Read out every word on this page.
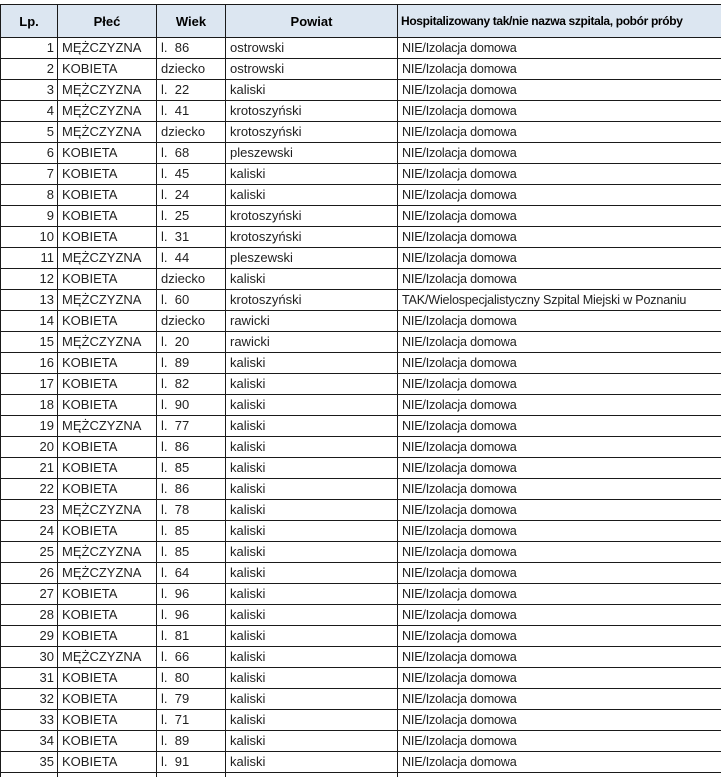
Lp.	Płeć	Wiek	Powiat	Hospitalizowany tak/nie nazwa szpitala, pobór próby
1	MĘŻCZYZNA	l.  86	ostrowski	NIE/Izolacja domowa
2	KOBIETA	dziecko	ostrowski	NIE/Izolacja domowa
3	MĘŻCZYZNA	l.  22	kaliski	NIE/Izolacja domowa
4	MĘŻCZYZNA	l.  41	krotoszyński	NIE/Izolacja domowa
5	MĘŻCZYZNA	dziecko	krotoszyński	NIE/Izolacja domowa
6	KOBIETA	l.  68	pleszewski	NIE/Izolacja domowa
7	KOBIETA	l.  45	kaliski	NIE/Izolacja domowa
8	KOBIETA	l.  24	kaliski	NIE/Izolacja domowa
9	KOBIETA	l.  25	krotoszyński	NIE/Izolacja domowa
10	KOBIETA	l.  31	krotoszyński	NIE/Izolacja domowa
11	MĘŻCZYZNA	l.  44	pleszewski	NIE/Izolacja domowa
12	KOBIETA	dziecko	kaliski	NIE/Izolacja domowa
13	MĘŻCZYZNA	l.  60	krotoszyński	TAK/Wielospecjalistyczny Szpital Miejski w Poznaniu
14	KOBIETA	dziecko	rawicki	NIE/Izolacja domowa
15	MĘŻCZYZNA	l.  20	rawicki	NIE/Izolacja domowa
16	KOBIETA	l.  89	kaliski	NIE/Izolacja domowa
17	KOBIETA	l.  82	kaliski	NIE/Izolacja domowa
18	KOBIETA	l.  90	kaliski	NIE/Izolacja domowa
19	MĘŻCZYZNA	l.  77	kaliski	NIE/Izolacja domowa
20	KOBIETA	l.  86	kaliski	NIE/Izolacja domowa
21	KOBIETA	l.  85	kaliski	NIE/Izolacja domowa
22	KOBIETA	l.  86	kaliski	NIE/Izolacja domowa
23	MĘŻCZYZNA	l.  78	kaliski	NIE/Izolacja domowa
24	KOBIETA	l.  85	kaliski	NIE/Izolacja domowa
25	MĘŻCZYZNA	l.  85	kaliski	NIE/Izolacja domowa
26	MĘŻCZYZNA	l.  64	kaliski	NIE/Izolacja domowa
27	KOBIETA	l.  96	kaliski	NIE/Izolacja domowa
28	KOBIETA	l.  96	kaliski	NIE/Izolacja domowa
29	KOBIETA	l.  81	kaliski	NIE/Izolacja domowa
30	MĘŻCZYZNA	l.  66	kaliski	NIE/Izolacja domowa
31	KOBIETA	l.  80	kaliski	NIE/Izolacja domowa
32	KOBIETA	l.  79	kaliski	NIE/Izolacja domowa
33	KOBIETA	l.  71	kaliski	NIE/Izolacja domowa
34	KOBIETA	l.  89	kaliski	NIE/Izolacja domowa
35	KOBIETA	l.  91	kaliski	NIE/Izolacja domowa
